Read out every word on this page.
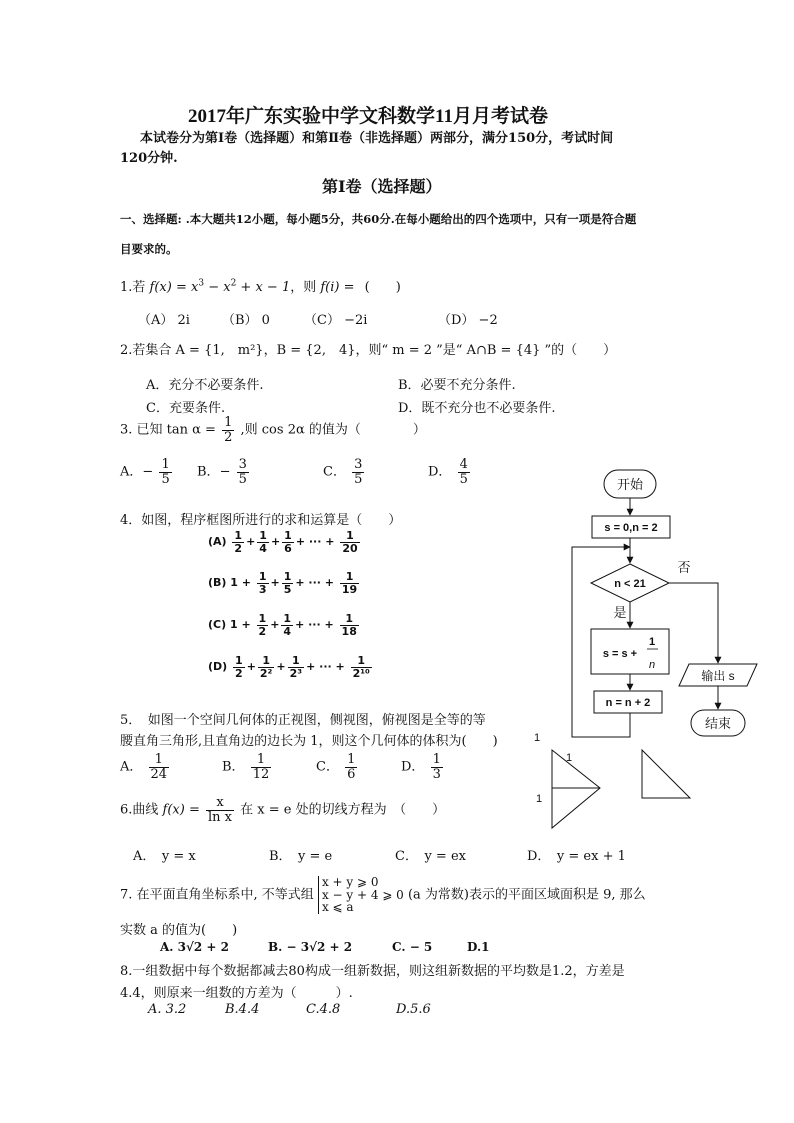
2017年广东实验中学文科数学11月月考试卷
本试卷分为第Ⅰ卷（选择题）和第Ⅱ卷（非选择题）两部分，满分150分，考试时间
120分钟.
第Ⅰ卷（选择题）
一、选择题: .本大题共12小题，每小题5分，共60分.在每小题给出的四个选项中，只有一项是符合题
目要求的。
1.若 $f(x) = x^3 - x^2 + x - 1$，则 f(i) = (　　)
（A） 2i （B） 0	（C） −2i	（D） −2
2.若集合 A = {1,　m²}，B = {2,　4}，则“ m = 2 ”是“ A∩B = {4} ”的（　　）
A．充分不必要条件.	B．必要不充分条件.
C．充要条件.	D．既不充分也不必要条件.
3. 已知 $\tan \alpha = \frac{1}{2}$ ,则 cos 2α 的值为（　　　　）
A．− $\frac{1}{5}$ B．− $\frac{3}{5}$	C． $\frac{3}{5}$	D． $\frac{4}{5}$
4．如图，程序框图所进行的求和运算是（　　）
$(A) \frac{1}{2} + \frac{1}{4} + \frac{1}{6}$ + ··· + $\frac{1}{20}$
(B) $1 + \frac{1}{3} + \frac{1}{5}$ + ··· + $\frac{1}{19}$
(C) $1 + \frac{1}{2} + \frac{1}{4}$ + ··· + $\frac{1}{18}$
$(D) \frac{1}{2} + \frac{1}{\text{2²}} + \frac{1}{\text{2³}}$ + ··· + $\frac{1}{\text{2¹⁰}}$
开始
s = 0,n = 2
n < 21
否
是
s = s +
1
n
n = n + 2
输出 s
结束
5．　如图一个空间几何体的正视图，侧视图，俯视图是全等的等
腰直角三角形,且直角边的边长为 1，则这个几何体的体积为(　　)
A． $\frac{1}{24}$	B． $\frac{1}{12}$	C． $\frac{1}{6}$	D． $\frac{1}{3}$
1
1
1
6.曲线 $f(x) = \frac{x}{\text{ln x}}$ 在 x = e 处的切线方程为　（　　）
A．　y = x	B．　y = e	C．　y = ex	D．　y = ex + 1
7. 在平面直角坐标系中, 不等式组
x + y ⩾ 0
x − y + 4 ⩾ 0
x ⩽ a
(a 为常数)表示的平面区域面积是 9, 那么
实数 a 的值为(　　)
A. 3√2 + 2	B. − 3√2 + 2	C. − 5	D.1
8.一组数据中每个数据都减去80构成一组新数据，则这组新数据的平均数是1.2，方差是
4.4，则原来一组数的方差为（　　　）.
A. 3.2	B.4.4	C.4.8	D.5.6
